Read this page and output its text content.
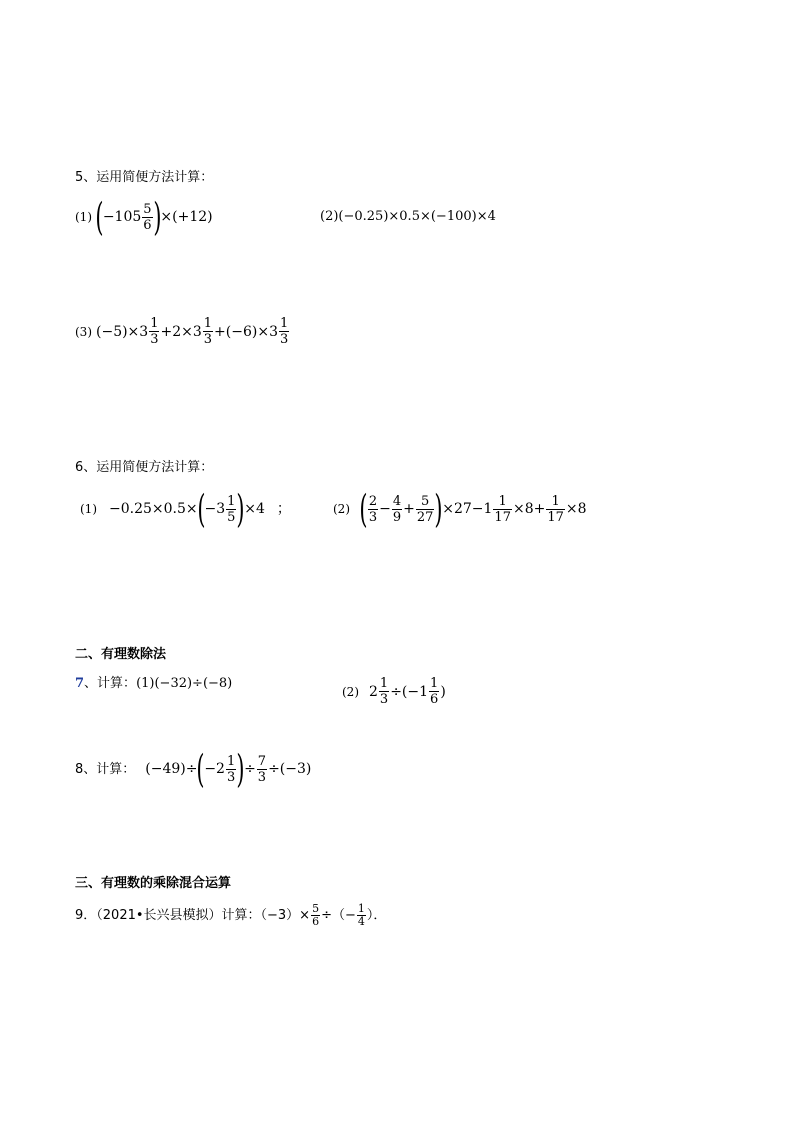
5、运用简便方法计算：
(1) ( $-105 \frac{5}{6}$ ) ×(+12)	(2)(−0.25)×0.5×(−100)×4
(3) $(-5)\times 3 \frac{1}{3} +2\times 3 \frac{1}{3} +(-6)\times 3 \frac{1}{3}$
6、运用简便方法计算：
(1) −0.25×0.5× ( $-3 \frac{1}{5}$ ) ×4 ；	(2) ( $\frac{2}{3} - \frac{4}{9} + \frac{5}{27}$ ) $\times 27-1 \frac{1}{17} \times 8+ \frac{1}{17} \times 8$
二、有理数除法
7 、计算： (1)(−32)÷(−8)
(2) $2 \frac{1}{3} \div(-1 \frac{1}{6}$ )
8、计算： (−49)÷ ( $-2 \frac{1}{3}$ ) ÷ $\frac{7}{3} \div(-3)$
三、有理数的乘除混合运算
9．（2021•长兴县模拟）计算：$(-3)\times \frac{5}{6}$ ÷（− $\frac{1}{4}$ ）．
